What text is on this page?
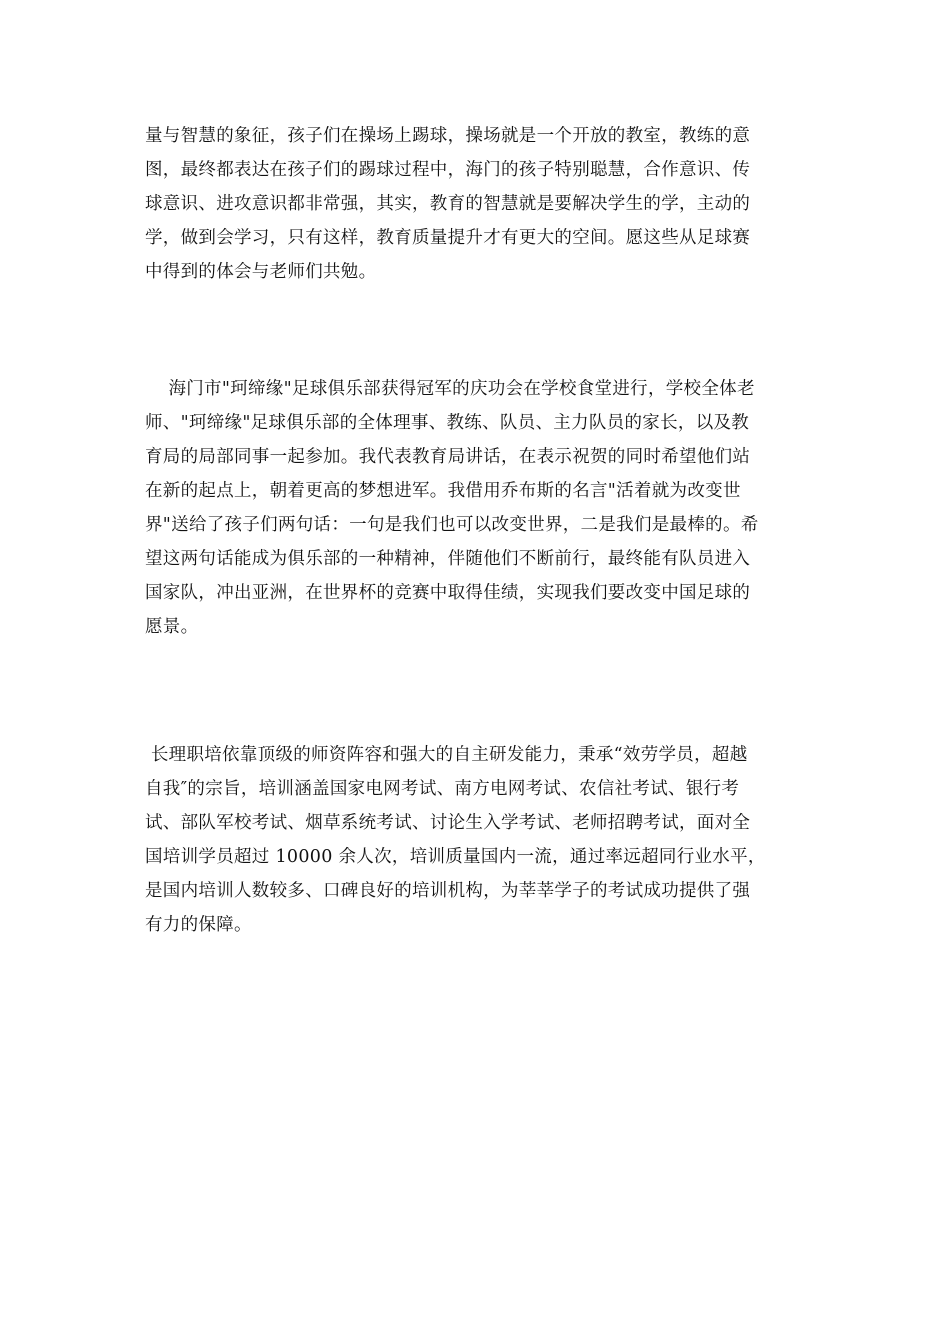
量与智慧的象征，孩子们在操场上踢球，操场就是一个开放的教室，教练的意
图，最终都表达在孩子们的踢球过程中，海门的孩子特别聪慧，合作意识、传
球意识、进攻意识都非常强，其实，教育的智慧就是要解决学生的学，主动的
学，做到会学习，只有这样，教育质量提升才有更大的空间。愿这些从足球赛
中得到的体会与老师们共勉。
海门市"珂缔缘"足球俱乐部获得冠军的庆功会在学校食堂进行，学校全体老
师、"珂缔缘"足球俱乐部的全体理事、教练、队员、主力队员的家长，以及教
育局的局部同事一起参加。我代表教育局讲话，在表示祝贺的同时希望他们站
在新的起点上，朝着更高的梦想进军。我借用乔布斯的名言"活着就为改变世
界"送给了孩子们两句话：一句是我们也可以改变世界，二是我们是最棒的。希
望这两句话能成为俱乐部的一种精神，伴随他们不断前行，最终能有队员进入
国家队，冲出亚洲，在世界杯的竞赛中取得佳绩，实现我们要改变中国足球的
愿景。
长理职培依靠顶级的师资阵容和强大的自主研发能力，秉承“效劳学员，超越
自我″的宗旨，培训涵盖国家电网考试、南方电网考试、农信社考试、银行考
试、部队军校考试、烟草系统考试、讨论生入学考试、老师招聘考试，面对全
国培训学员超过 10000 余人次，培训质量国内一流，通过率远超同行业水平，
是国内培训人数较多、口碑良好的培训机构，为莘莘学子的考试成功提供了强
有力的保障。
